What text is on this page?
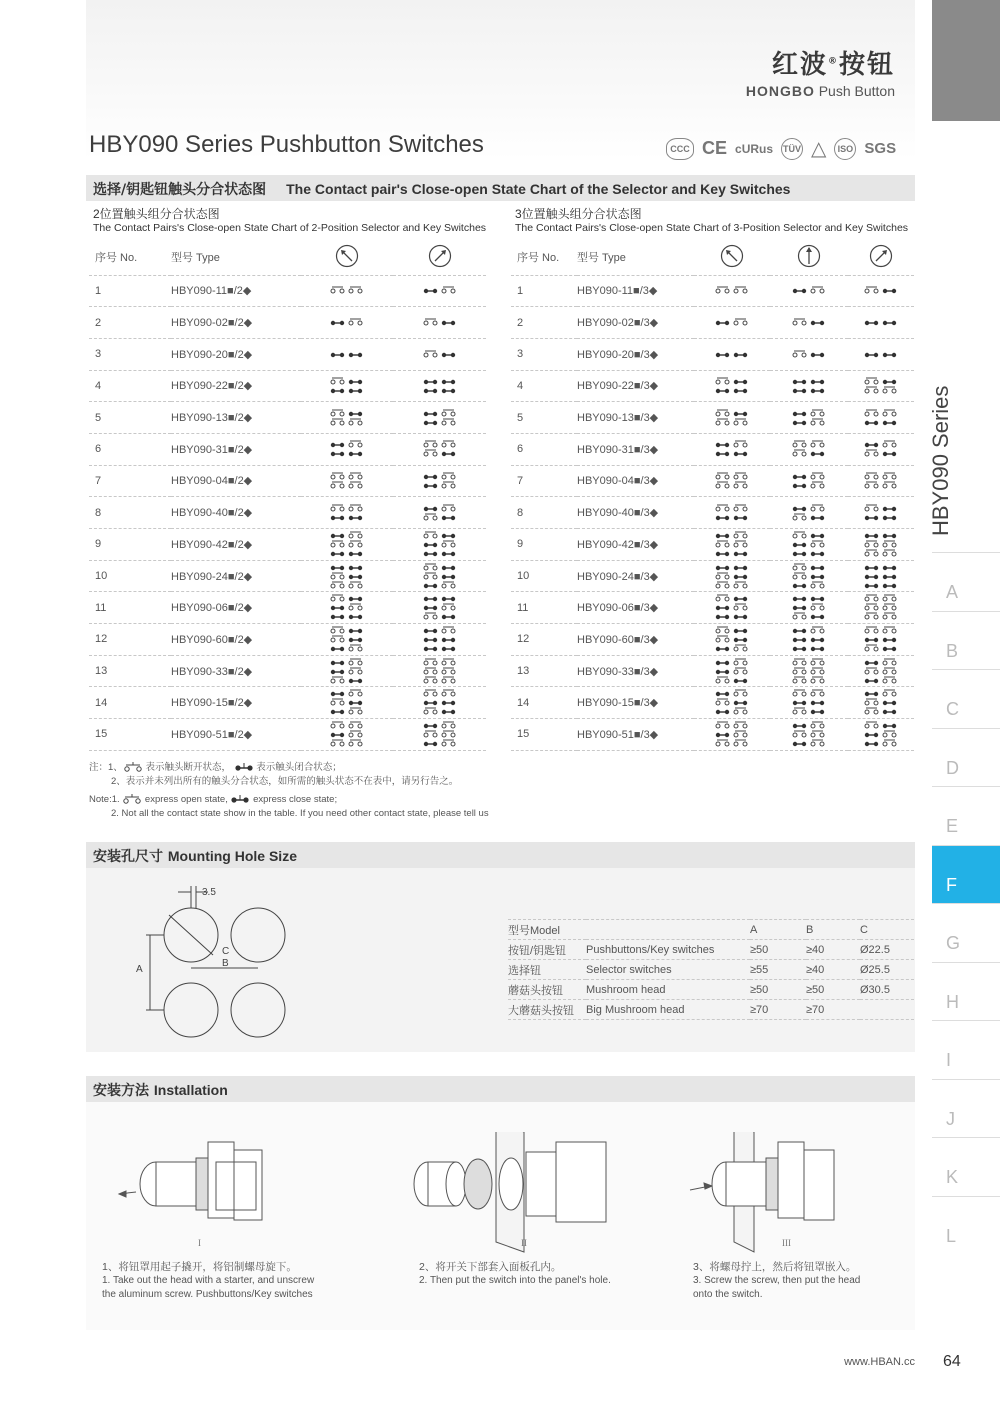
红波®按钮
HONGBO Push Button
HBY090 Series Pushbutton Switches	CCC CE cURus TÜV △	ISO SGS
HBY090 Series
A
B
C
D
E
F
G
H
I
J
K
L
选择/钥匙钮触头分合状态图 The Contact pair's Close-open State Chart of the Selector and Key Switches
2位置触头组分合状态图
The Contact Pairs's Close-open State Chart of 2-Position Selector and Key Switches
3位置触头组分合状态图
The Contact Pairs's Close-open State Chart of 3-Position Selector and Key Switches
序号 No.	型号 Type		
1	HBY090-11■/2◆		
2	HBY090-02■/2◆		
3	HBY090-20■/2◆		
4	HBY090-22■/2◆		
5	HBY090-13■/2◆		
6	HBY090-31■/2◆		
7	HBY090-04■/2◆		
8	HBY090-40■/2◆		
9	HBY090-42■/2◆		
10	HBY090-24■/2◆		
11	HBY090-06■/2◆		
12	HBY090-60■/2◆		
13	HBY090-33■/2◆		
14	HBY090-15■/2◆		
15	HBY090-51■/2◆		
序号 No.	型号 Type			
1	HBY090-11■/3◆			
2	HBY090-02■/3◆			
3	HBY090-20■/3◆			
4	HBY090-22■/3◆			
5	HBY090-13■/3◆			
6	HBY090-31■/3◆			
7	HBY090-04■/3◆			
8	HBY090-40■/3◆			
9	HBY090-42■/3◆			
10	HBY090-24■/3◆			
11	HBY090-06■/3◆			
12	HBY090-60■/3◆			
13	HBY090-33■/3◆			
14	HBY090-15■/3◆			
15	HBY090-51■/3◆			
注：1、 表示触头断开状态，	表示触头闭合状态；
2、表示并未列出所有的触头分合状态，如所需的触头状态不在表中，请另行告之。
Note:1.	express open state,	express close state;
2. Not all the contact state show in the table. If you need other contact state, please tell us
安装孔尺寸 Mounting Hole Size
3.5
C
A
B
型号Model		A	B	C
按钮/钥匙钮	Pushbuttons/Key switches	≥50	≥40	Ø22.5
选择钮	Selector switches	≥55	≥40	Ø25.5
蘑菇头按钮	Mushroom head	≥50	≥50	Ø30.5
大蘑菇头按钮	Big Mushroom head	≥70	≥70	
安装方法 Installation
I	II	III
1、将钮罩用起子撬开，将铝制螺母旋下。
1. Take out the head with a starter, and unscrew
the aluminum screw. Pushbuttons/Key switches
2、将开关下部套入面板孔内。
2. Then put the switch into the panel's hole.
3、将螺母拧上，然后将钮罩嵌入。
3. Screw the screw, then put the head
onto the switch.
www.HBAN.cc 64
